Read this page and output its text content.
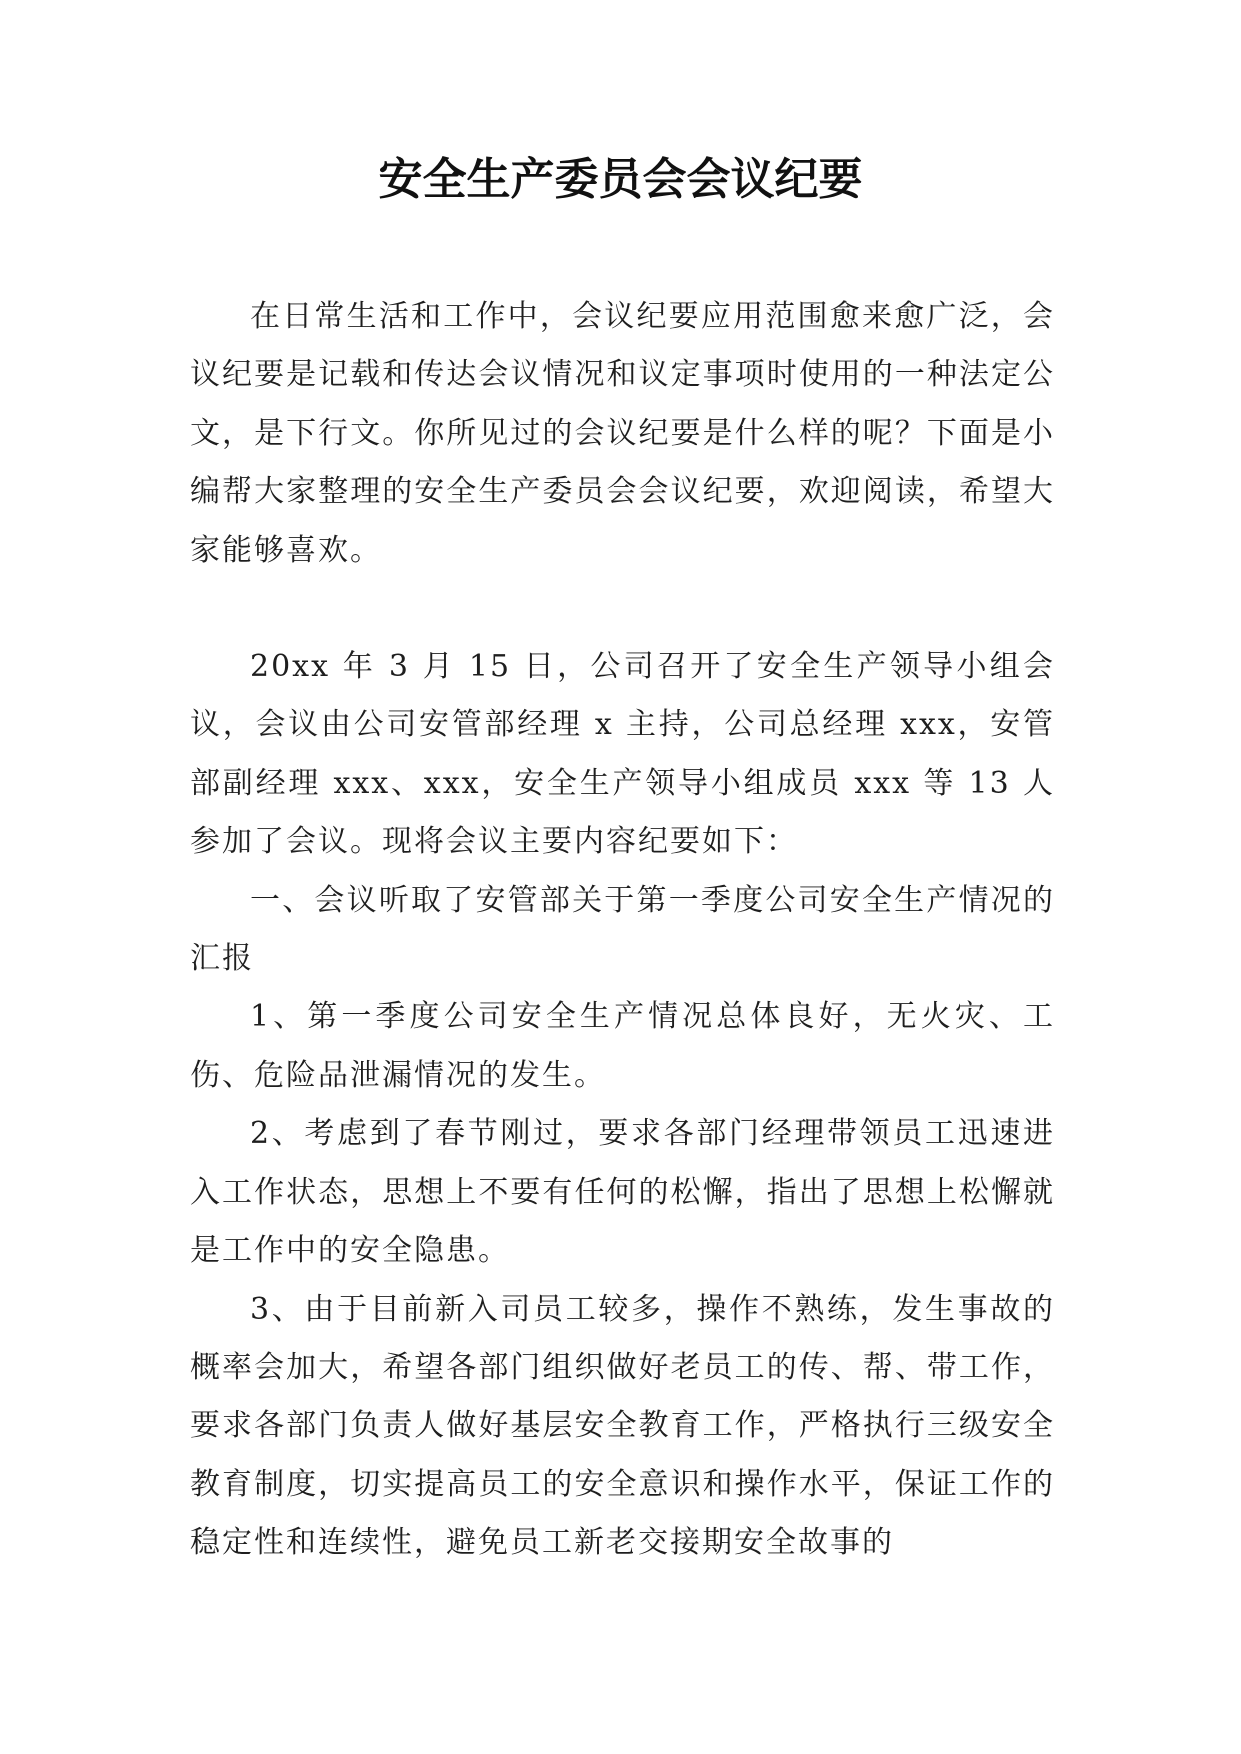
安全生产委员会会议纪要

在日常生活和工作中，会议纪要应用范围愈来愈广泛，会议纪要是记载和传达会议情况和议定事项时使用的一种法定公文，是下行文。你所见过的会议纪要是什么样的呢？下面是小编帮大家整理的安全生产委员会会议纪要，欢迎阅读，希望大家能够喜欢。

20xx 年 3 月 15 日，公司召开了安全生产领导小组会议，会议由公司安管部经理 x 主持，公司总经理 xxx，安管部副经理 xxx、xxx，安全生产领导小组成员 xxx 等 13 人参加了会议。现将会议主要内容纪要如下：

一、会议听取了安管部关于第一季度公司安全生产情况的汇报

1、第一季度公司安全生产情况总体良好，无火灾、工伤、危险品泄漏情况的发生。

2、考虑到了春节刚过，要求各部门经理带领员工迅速进入工作状态，思想上不要有任何的松懈，指出了思想上松懈就是工作中的安全隐患。

3、由于目前新入司员工较多，操作不熟练，发生事故的概率会加大，希望各部门组织做好老员工的传、帮、带工作，要求各部门负责人做好基层安全教育工作，严格执行三级安全教育制度，切实提高员工的安全意识和操作水平，保证工作的稳定性和连续性，避免员工新老交接期安全故事的
